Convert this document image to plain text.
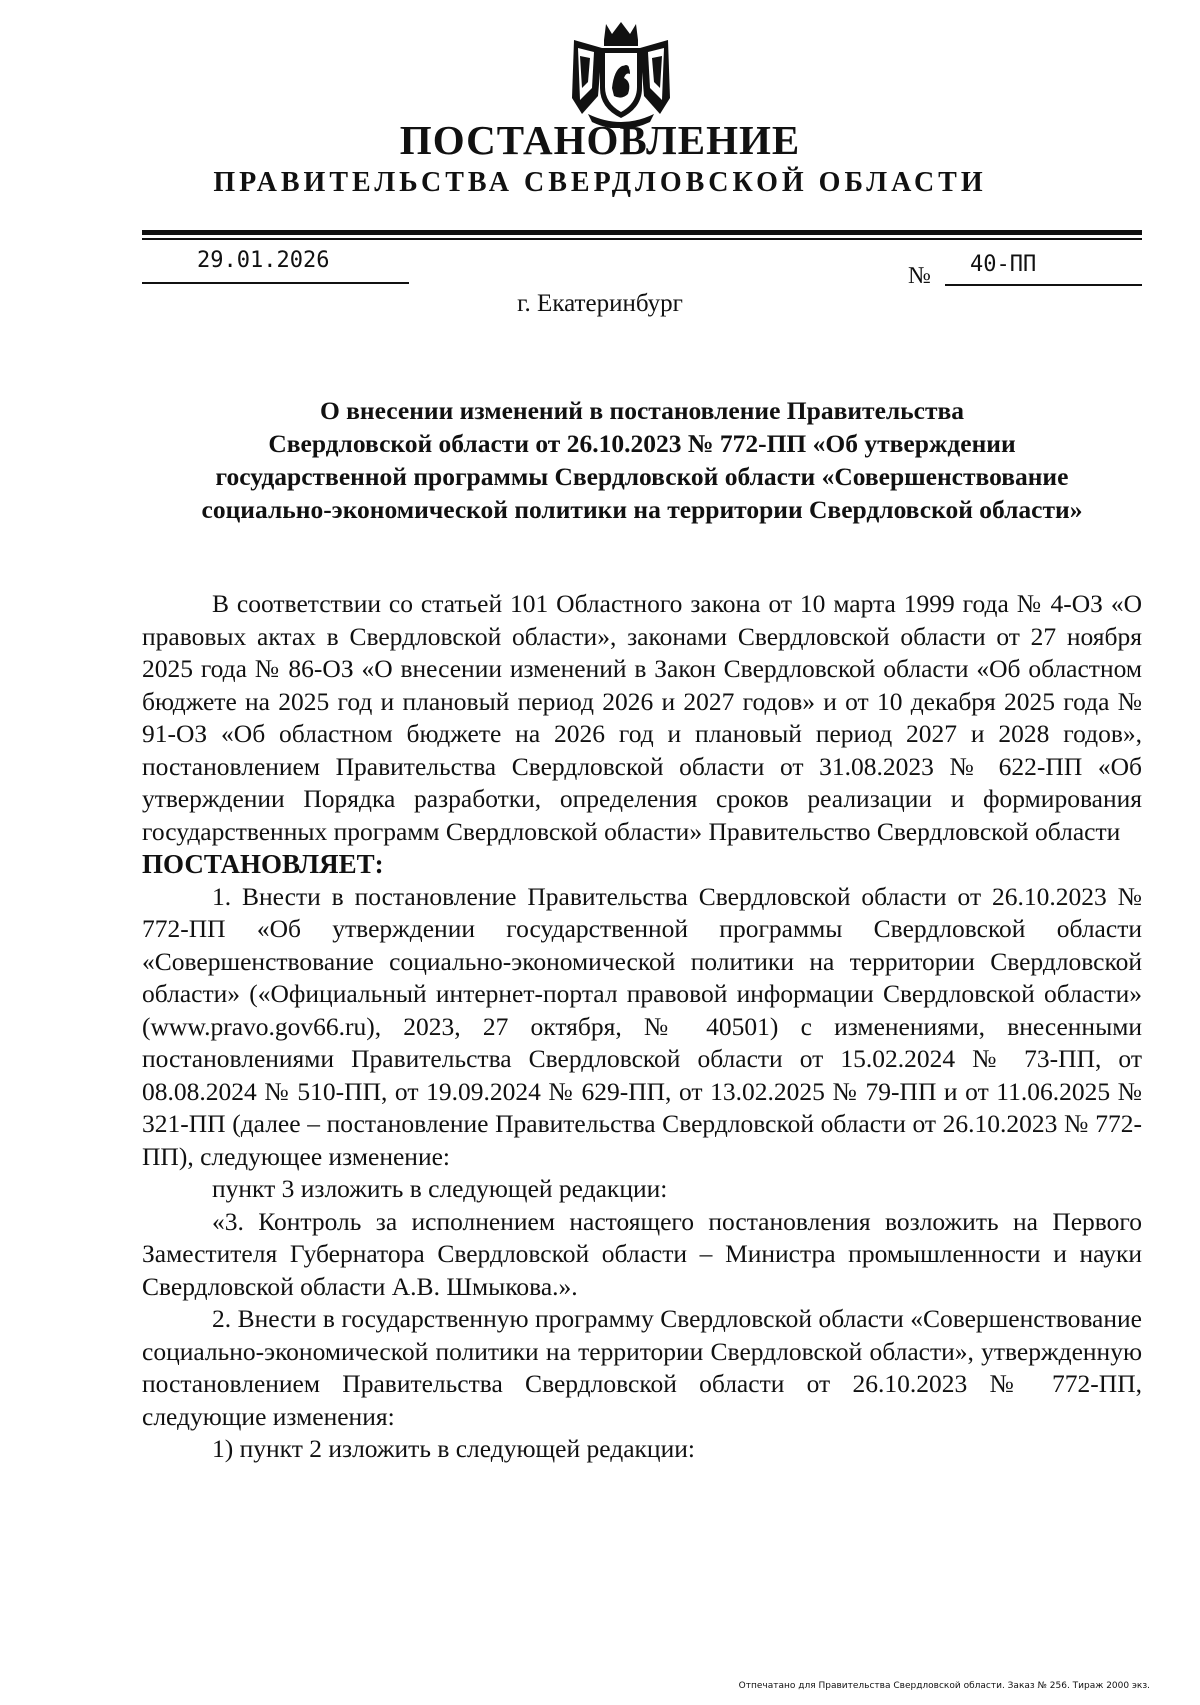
ПОСТАНОВЛЕНИЕ
ПРАВИТЕЛЬСТВА СВЕРДЛОВСКОЙ ОБЛАСТИ
29.01.2026
№ 40-ПП
г. Екатеринбург
О внесении изменений в постановление Правительства
Свердловской области от 26.10.2023 № 772-ПП «Об утверждении
государственной программы Свердловской области «Совершенствование
социально-экономической политики на территории Свердловской области»

В соответствии со статьей 101 Областного закона от 10 марта 1999 года № 4-ОЗ «О правовых актах в Свердловской области», законами Свердловской области от 27 ноября 2025 года № 86-ОЗ «О внесении изменений в Закон Свердловской области «Об областном бюджете на 2025 год и плановый период 2026 и 2027 годов» и от 10 декабря 2025 года № 91-ОЗ «Об областном бюджете на 2026 год и плановый период 2027 и 2028 годов», постановлением Правительства Свердловской области от 31.08.2023 № 622-ПП «Об утверждении Порядка разработки, определения сроков реализации и формирования государственных программ Свердловской области» Правительство Свердловской области

ПОСТАНОВЛЯЕТ:

1. Внести в постановление Правительства Свердловской области от 26.10.2023 № 772-ПП «Об утверждении государственной программы Свердловской области «Совершенствование социально-экономической политики на территории Свердловской области» («Официальный интернет-портал правовой информации Свердловской области» (www.pravo.gov66.ru), 2023, 27 октября, № 40501) с изменениями, внесенными постановлениями Правительства Свердловской области от 15.02.2024 № 73-ПП, от 08.08.2024 № 510-ПП, от 19.09.2024 № 629-ПП, от 13.02.2025 № 79-ПП и от 11.06.2025 № 321-ПП (далее – постановление Правительства Свердловской области от 26.10.2023 № 772-ПП), следующее изменение:

пункт 3 изложить в следующей редакции:

«3. Контроль за исполнением настоящего постановления возложить на Первого Заместителя Губернатора Свердловской области – Министра промышленности и науки Свердловской области А.В. Шмыкова.».

2. Внести в государственную программу Свердловской области «Совершенствование социально-экономической политики на территории Свердловской области», утвержденную постановлением Правительства Свердловской области от 26.10.2023 № 772-ПП, следующие изменения:

1) пункт 2 изложить в следующей редакции:

Отпечатано для Правительства Свердловской области. Заказ № 256. Тираж 2000 экз.
